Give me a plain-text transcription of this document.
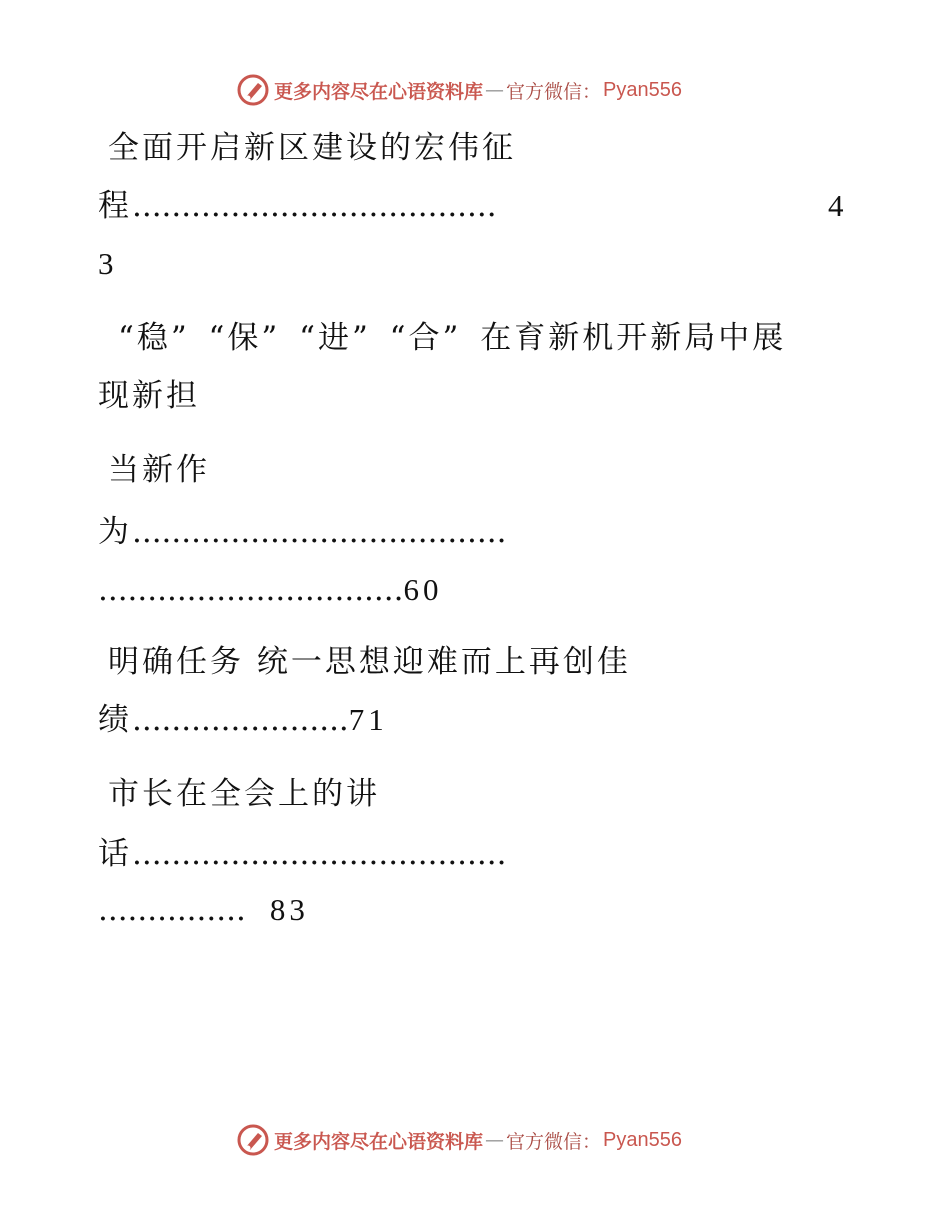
更多内容尽在心语资料库 — 官方微信： Pyan556
全面开启新区建设的宏伟征
程.....................................	4
3
“稳” “保” “进” “合” 在育新机开新局中展
现新担
当新作
为......................................
...............................60
明确任务 统一思想迎难而上再创佳
绩......................71
市长在全会上的讲
话......................................
............... 83
更多内容尽在心语资料库 — 官方微信： Pyan556
